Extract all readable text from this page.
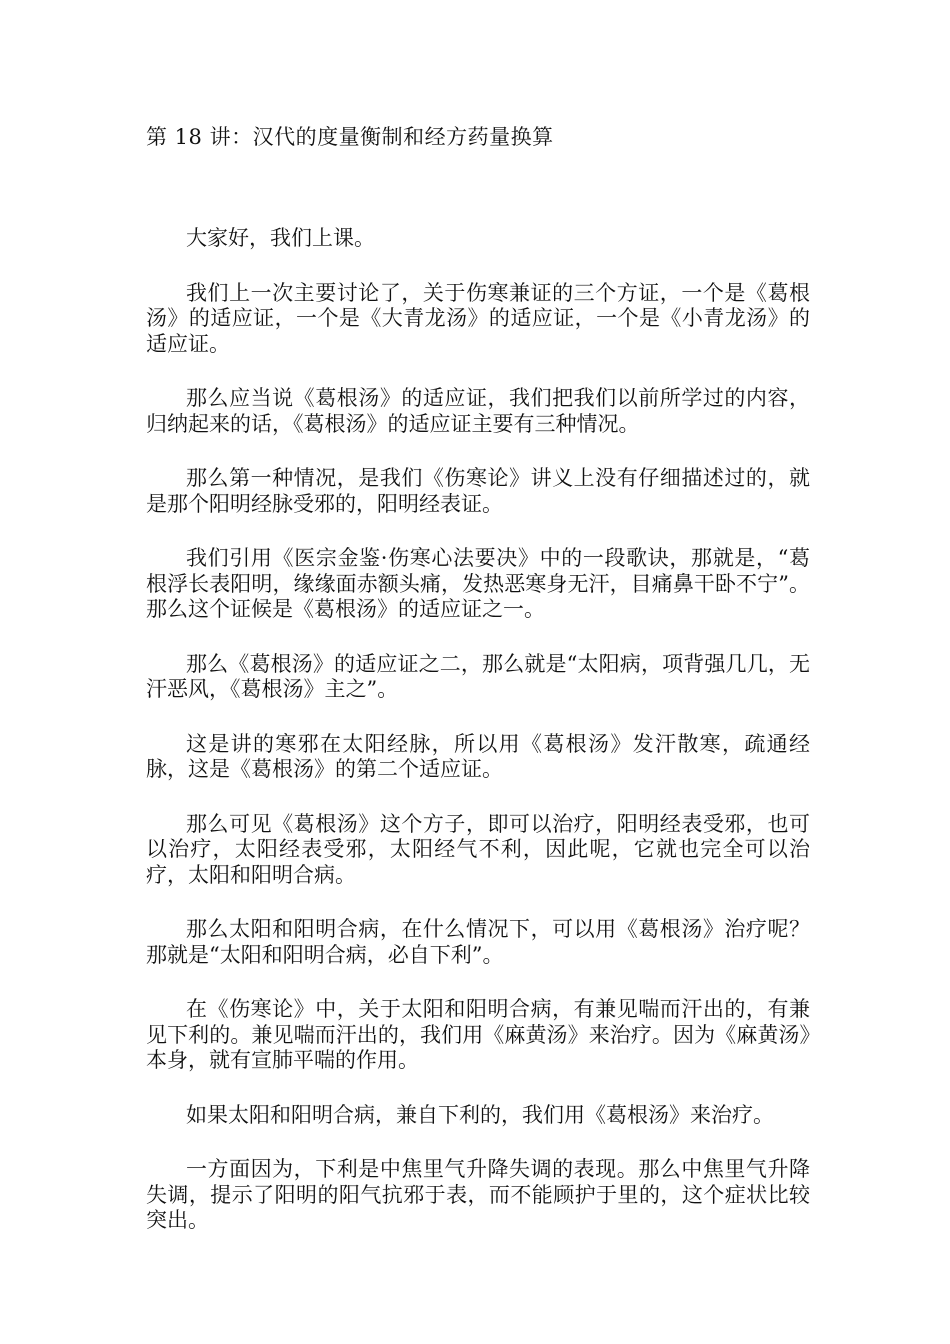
第 18 讲：汉代的度量衡制和经方药量换算

大家好，我们上课。

我们上一次主要讨论了，关于伤寒兼证的三个方证，一个是《葛根汤》的适应证，一个是《大青龙汤》的适应证，一个是《小青龙汤》的适应证。

那么应当说《葛根汤》的适应证，我们把我们以前所学过的内容，归纳起来的话，《葛根汤》的适应证主要有三种情况。

那么第一种情况，是我们《伤寒论》讲义上没有仔细描述过的，就是那个阳明经脉受邪的，阳明经表证。

我们引用《医宗金鉴·伤寒心法要决》中的一段歌诀，那就是，“葛根浮长表阳明，缘缘面赤额头痛，发热恶寒身无汗，目痛鼻干卧不宁”。那么这个证候是《葛根汤》的适应证之一。

那么《葛根汤》的适应证之二，那么就是“太阳病，项背强几几，无汗恶风，《葛根汤》主之”。

这是讲的寒邪在太阳经脉，所以用《葛根汤》发汗散寒，疏通经脉，这是《葛根汤》的第二个适应证。

那么可见《葛根汤》这个方子，即可以治疗，阳明经表受邪，也可以治疗，太阳经表受邪，太阳经气不利，因此呢，它就也完全可以治疗，太阳和阳明合病。

那么太阳和阳明合病，在什么情况下，可以用《葛根汤》治疗呢？那就是“太阳和阳明合病，必自下利”。

在《伤寒论》中，关于太阳和阳明合病，有兼见喘而汗出的，有兼见下利的。兼见喘而汗出的，我们用《麻黄汤》来治疗。因为《麻黄汤》本身，就有宣肺平喘的作用。

如果太阳和阳明合病，兼自下利的，我们用《葛根汤》来治疗。

一方面因为，下利是中焦里气升降失调的表现。那么中焦里气升降失调，提示了阳明的阳气抗邪于表，而不能顾护于里的，这个症状比较突出。
